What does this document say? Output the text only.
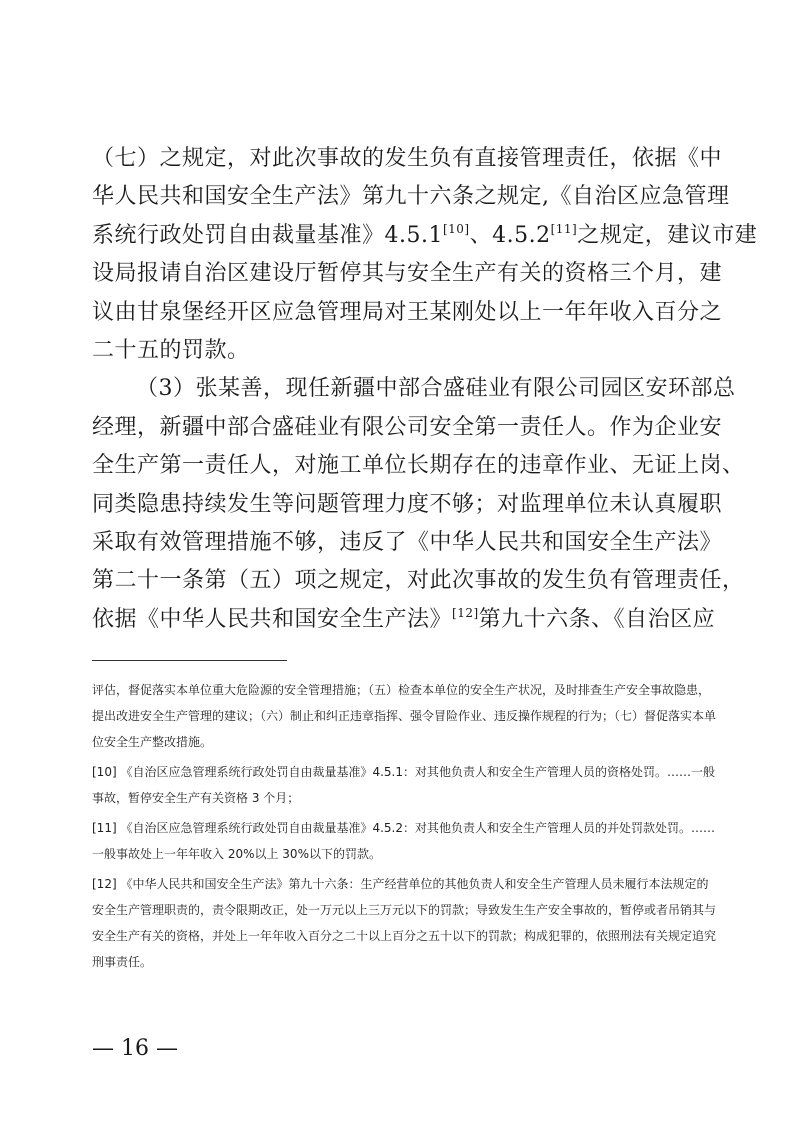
（七）之规定，对此次事故的发生负有直接管理责任，依据《中
华人民共和国安全生产法》第九十六条之规定,《自治区应急管理
系统行政处罚自由裁量基准》4.5.1[10]、4.5.2[11]之规定，建议市建
设局报请自治区建设厅暂停其与安全生产有关的资格三个月，建
议由甘泉堡经开区应急管理局对王某刚处以上一年年收入百分之
二十五的罚款。
（3）张某善，现任新疆中部合盛硅业有限公司园区安环部总
经理，新疆中部合盛硅业有限公司安全第一责任人。作为企业安
全生产第一责任人，对施工单位长期存在的违章作业、无证上岗、
同类隐患持续发生等问题管理力度不够；对监理单位未认真履职
采取有效管理措施不够，违反了《中华人民共和国安全生产法》
第二十一条第（五）项之规定，对此次事故的发生负有管理责任，
依据《中华人民共和国安全生产法》[12]第九十六条、《自治区应
评估，督促落实本单位重大危险源的安全管理措施；（五）检查本单位的安全生产状况，及时排查生产安全事故隐患，
提出改进安全生产管理的建议；（六）制止和纠正违章指挥、强令冒险作业、违反操作规程的行为；（七）督促落实本单
位安全生产整改措施。
[10] 《自治区应急管理系统行政处罚自由裁量基准》4.5.1：对其他负责人和安全生产管理人员的资格处罚。……一般
事故，暂停安全生产有关资格 3 个月；
[11] 《自治区应急管理系统行政处罚自由裁量基准》4.5.2：对其他负责人和安全生产管理人员的并处罚款处罚。……
一般事故处上一年年收入 20%以上 30%以下的罚款。
[12] 《中华人民共和国安全生产法》第九十六条：生产经营单位的其他负责人和安全生产管理人员未履行本法规定的
安全生产管理职责的，责令限期改正，处一万元以上三万元以下的罚款；导致发生生产安全事故的，暂停或者吊销其与
安全生产有关的资格，并处上一年年收入百分之二十以上百分之五十以下的罚款；构成犯罪的，依照刑法有关规定追究
刑事责任。
— 16 —
